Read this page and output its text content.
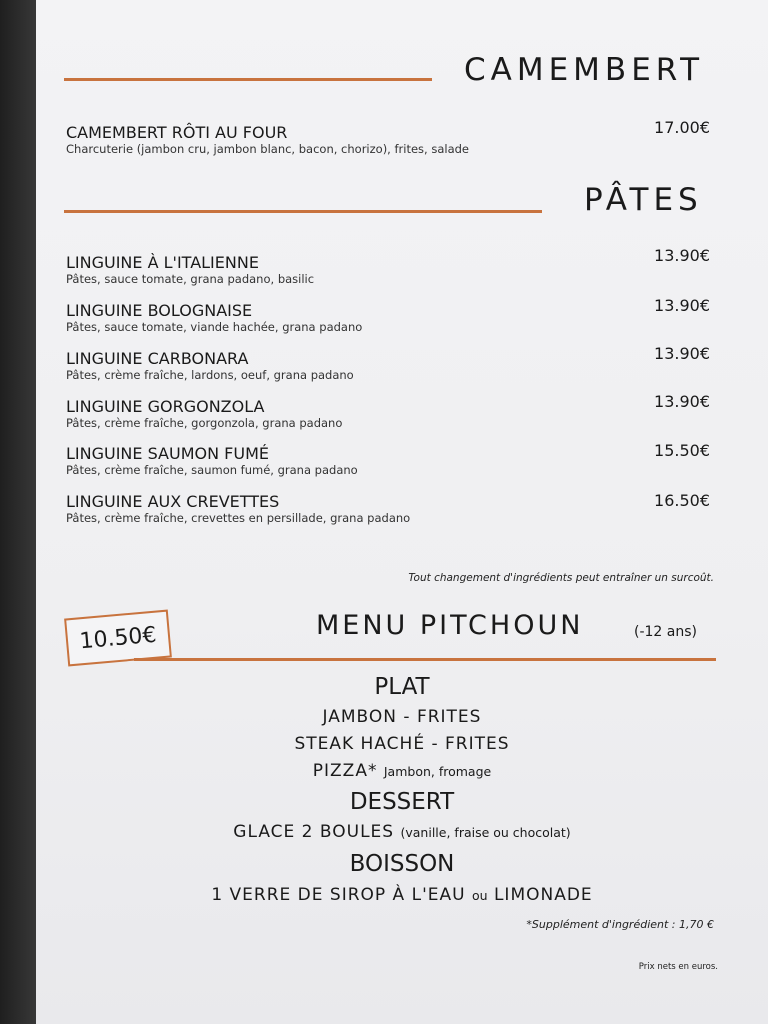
CAMEMBERT
CAMEMBERT RÔTI AU FOUR
Charcuterie (jambon cru, jambon blanc, bacon, chorizo), frites, salade
17.00€
PÂTES
LINGUINE À L'ITALIENNE
Pâtes, sauce tomate, grana padano, basilic
13.90€
LINGUINE BOLOGNAISE
Pâtes, sauce tomate, viande hachée, grana padano
13.90€
LINGUINE CARBONARA
Pâtes, crème fraîche, lardons, oeuf, grana padano
13.90€
LINGUINE GORGONZOLA
Pâtes, crème fraîche, gorgonzola, grana padano
13.90€
LINGUINE SAUMON FUMÉ
Pâtes, crème fraîche, saumon fumé, grana padano
15.50€
LINGUINE AUX CREVETTES
Pâtes, crème fraîche, crevettes en persillade, grana padano
16.50€
Tout changement d'ingrédients peut entraîner un surcoût.
10.50€	MENU PITCHOUN	(-12 ans)
PLAT
JAMBON - FRITES
STEAK HACHÉ - FRITES
PIZZA* Jambon, fromage
DESSERT
GLACE 2 BOULES (vanille, fraise ou chocolat)
BOISSON
1 VERRE DE SIROP À L'EAU ou LIMONADE
*Supplément d'ingrédient : 1,70 €
Prix nets en euros.
